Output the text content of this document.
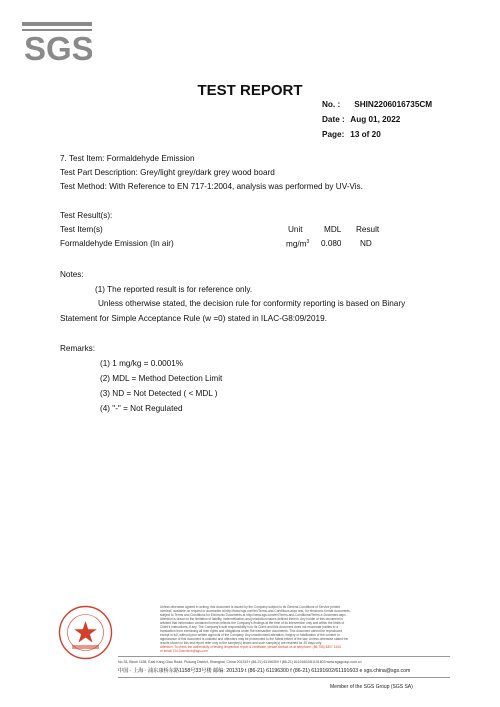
SGS
TEST REPORT
No. : SHIN2206016735CM
Date : Aug 01, 2022
Page: 13 of 20
7. Test Item: Formaldehyde Emission
Test Part Description: Grey/light grey/dark grey wood board
Test Method: With Reference to EN 717-1:2004, analysis was performed by UV-Vis.
Test Result(s):
Test Item(s)	Unit	MDL Result
Formaldehyde Emission (In air)	$mg/m^3$ 0.080 ND
Notes:
(1) The reported result is for reference only.
Unless otherwise stated, the decision rule for conformity reporting is based on Binary
Statement for Simple Acceptance Rule (w =0) stated in ILAC-G8:09/2019.
Remarks:
(1) 1 mg/kg = 0.0001%
(2) MDL = Method Detection Limit
(3) ND = Not Detected ( < MDL )
(4) "-" = Not Regulated
Unless otherwise agreed in writing, this document is issued by the Company subject to its General Conditions of Service printed
overleaf, available on request or accessible at http://www.sgs.com/en/Terms-and-Conditions.aspx and, for electronic format documents,
subject to Terms and Conditions for Electronic Documents at http://www.sgs.com/en/Terms-and-Conditions/Terms-e-Document.aspx.
Attention is drawn to the limitation of liability, indemnification and jurisdiction issues defined therein. Any holder of this document is
advised that information contained hereon reflects the Company's findings at the time of its intervention only and within the limits of
Client's instructions, if any. The Company's sole responsibility is to its Client and this document does not exonerate parties to a
transaction from exercising all their rights and obligations under the transaction documents. This document cannot be reproduced
except in full, without prior written approval of the Company. Any unauthorized alteration, forgery or falsification of the content or
appearance of this document is unlawful and offenders may be prosecuted to the fullest extent of the law. Unless otherwise stated the
results shown in this test report refer only to the sample(s) tested and such sample(s) are retained for 30 days only.
Attention: To check the authenticity of testing /inspection report & certificate, please contact us at telephone: (86-755) 8307 1443,
or email: CN.Doccheck@sgs.com
No.33, Block 1158, East Kang Giao Road, Pudong District, Shanghai, China 201319 t (86-21) 61196300 f (86-21) 61191602/61191603 www.sgsgroup.com.cn
中国 · 上海 · 浦东康桥东路1158号33号楼 邮编: 201319 t (86-21) 61196300 f (86-21) 61191602/61191603 e sgs.china@sgs.com
Member of the SGS Group (SGS SA)
